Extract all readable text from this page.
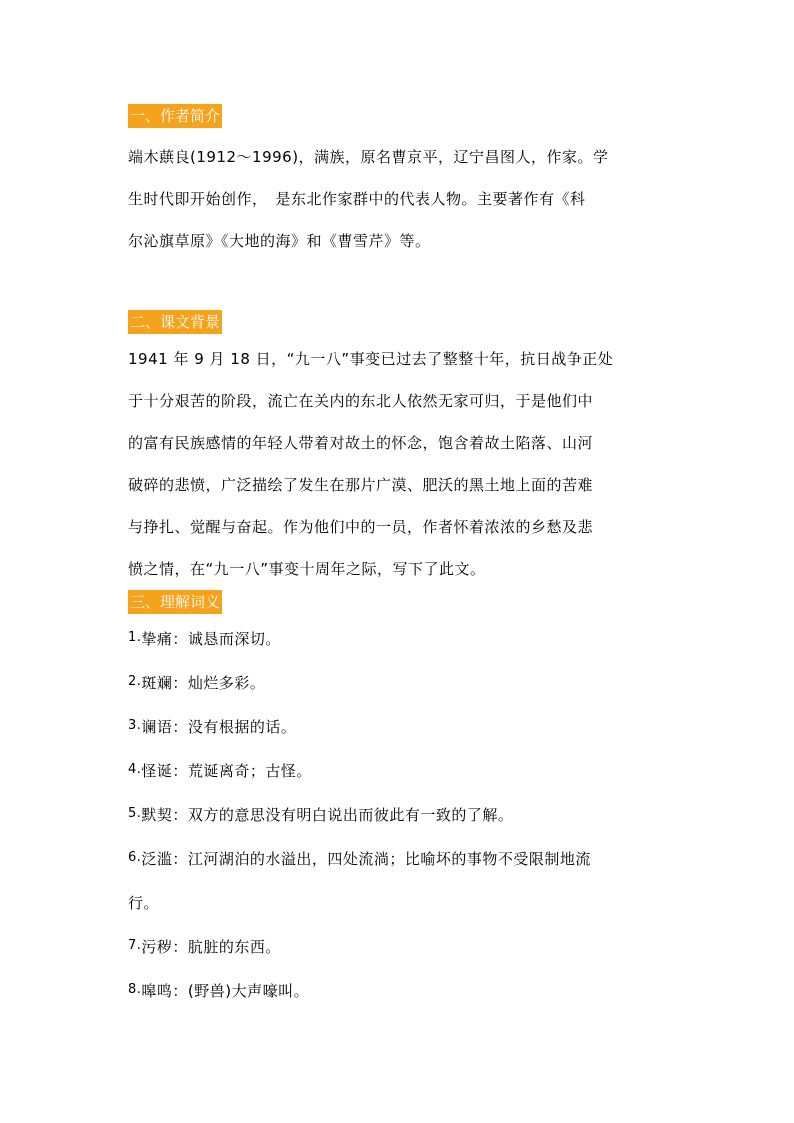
一、作者简介

端木蕻良(1912～1996)，满族，原名曹京平，辽宁昌图人，作家。学

生时代即开始创作，　是东北作家群中的代表人物。主要著作有《科

尔沁旗草原》《大地的海》和《曹雪芹》等。

二、课文背景

1941 年 9 月 18 日，“九一八”事变已过去了整整十年，抗日战争正处

于十分艰苦的阶段，流亡在关内的东北人依然无家可归，于是他们中

的富有民族感情的年轻人带着对故土的怀念，饱含着故土陷落、山河

破碎的悲愤，广泛描绘了发生在那片广漠、肥沃的黑土地上面的苦难

与挣扎、觉醒与奋起。作为他们中的一员，作者怀着浓浓的乡愁及悲

愤之情，在“九一八”事变十周年之际，写下了此文。

三、理解词义

1.挚痛：诚恳而深切。

2.斑斓：灿烂多彩。

3.谰语：没有根据的话。

4.怪诞：荒诞离奇；古怪。

5.默契：双方的意思没有明白说出而彼此有一致的了解。

6.泛滥：江河湖泊的水溢出，四处流淌；比喻坏的事物不受限制地流

行。

7.污秽：肮脏的东西。

8.嗥鸣：(野兽)大声嚎叫。
